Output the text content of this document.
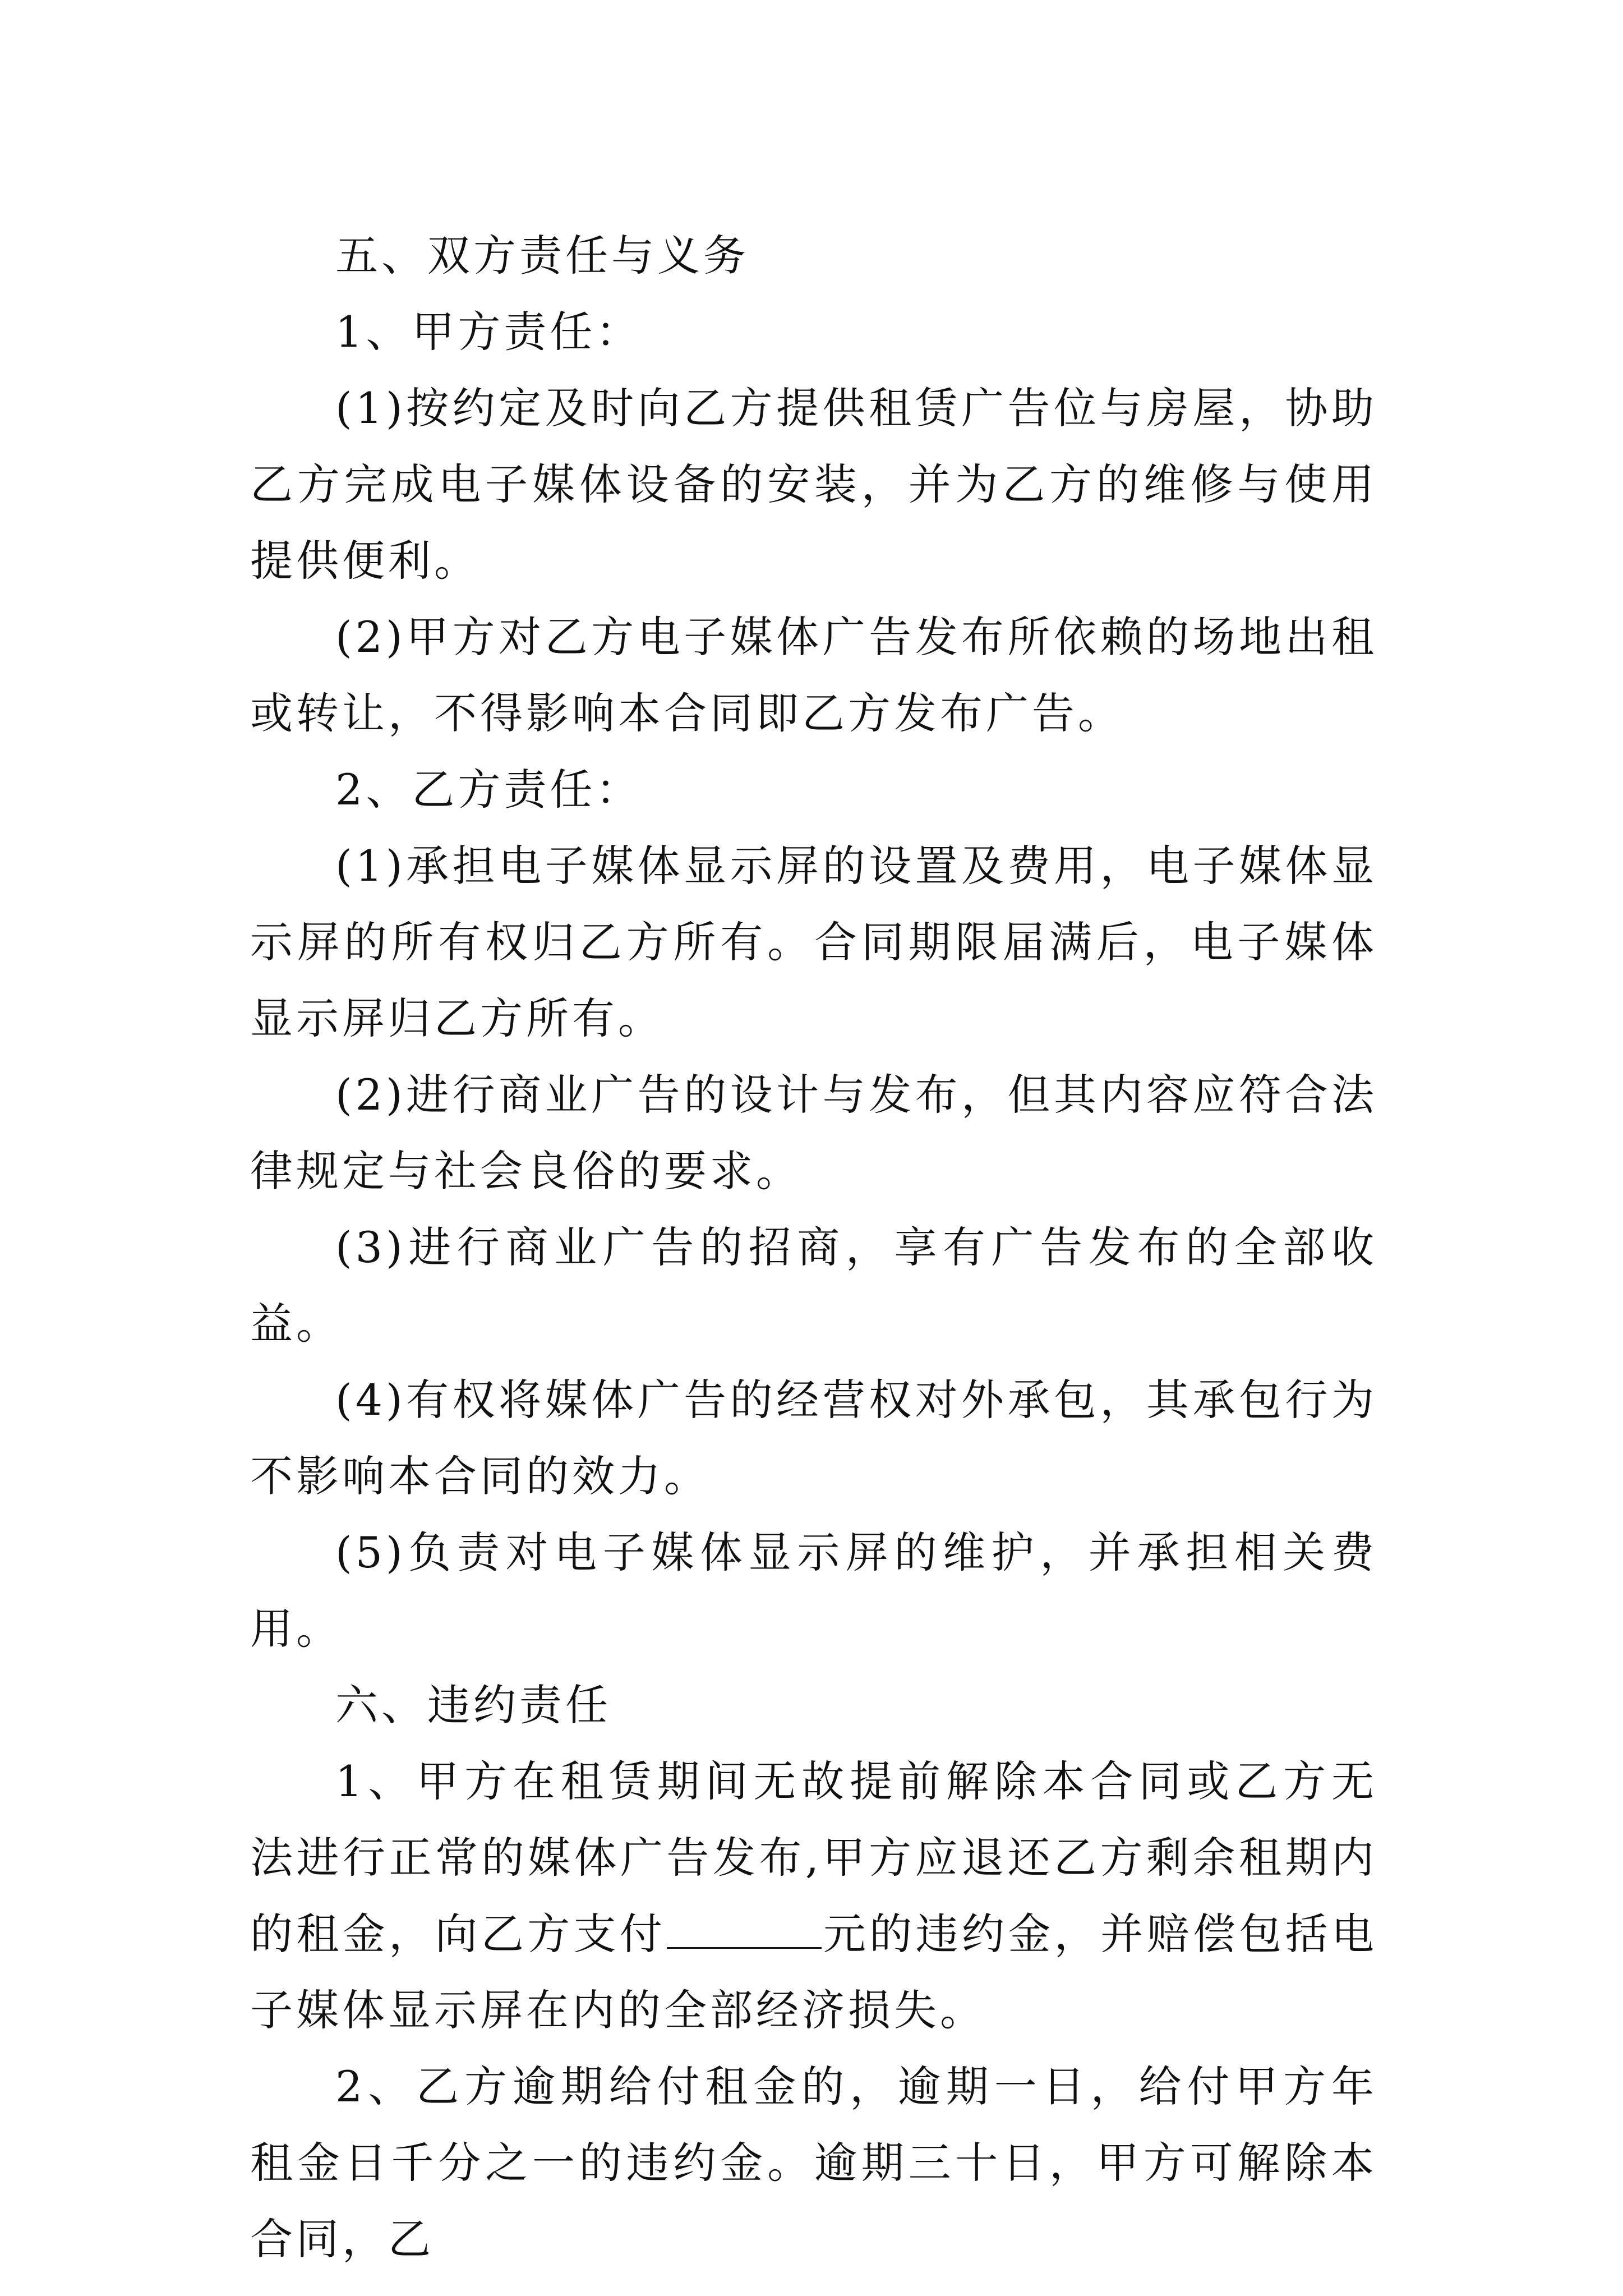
五、双方责任与义务

1、甲方责任：

(1)按约定及时向乙方提供租赁广告位与房屋，协助乙方完成电子媒体设备的安装，并为乙方的维修与使用提供便利。

(2)甲方对乙方电子媒体广告发布所依赖的场地出租或转让，不得影响本合同即乙方发布广告。

2、乙方责任：

(1)承担电子媒体显示屏的设置及费用，电子媒体显示屏的所有权归乙方所有。合同期限届满后，电子媒体显示屏归乙方所有。

(2)进行商业广告的设计与发布，但其内容应符合法律规定与社会良俗的要求。

(3)进行商业广告的招商，享有广告发布的全部收益。

(4)有权将媒体广告的经营权对外承包，其承包行为不影响本合同的效力。

(5)负责对电子媒体显示屏的维护，并承担相关费用。

六、违约责任

1、甲方在租赁期间无故提前解除本合同或乙方无法进行正常的媒体广告发布,甲方应退还乙方剩余租期内的租金，向乙方支付	元的违约金，并赔偿包括电子媒体显示屏在内的全部经济损失。

2、乙方逾期给付租金的，逾期一日，给付甲方年租金日千分之一的违约金。逾期三十日，甲方可解除本合同，乙
